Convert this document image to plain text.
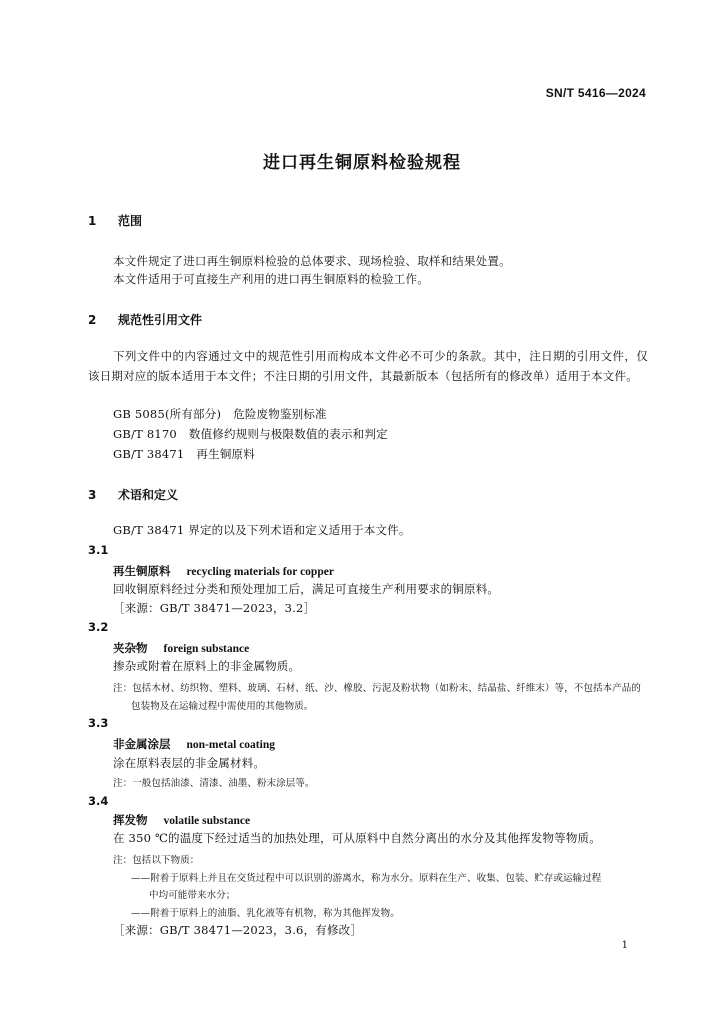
SN/T 5416—2024
进口再生铜原料检验规程
1 范围
本文件规定了进口再生铜原料检验的总体要求、现场检验、取样和结果处置。
本文件适用于可直接生产利用的进口再生铜原料的检验工作。
2 规范性引用文件
下列文件中的内容通过文中的规范性引用而构成本文件必不可少的条款。其中，注日期的引用文件，仅该日期对应的版本适用于本文件；不注日期的引用文件，其最新版本（包括所有的修改单）适用于本文件。
GB 5085(所有部分) 危险废物鉴别标准
GB/T 8170 数值修约规则与极限数值的表示和判定
GB/T 38471 再生铜原料
3 术语和定义
GB/T 38471 界定的以及下列术语和定义适用于本文件。
3.1
再生铜原料 recycling materials for copper
回收铜原料经过分类和预处理加工后，满足可直接生产利用要求的铜原料。
［来源：GB/T 38471—2023，3.2］
3.2
夹杂物 foreign substance
掺杂或附着在原料上的非金属物质。
注：包括木材、纺织物、塑料、玻璃、石材、纸、沙、橡胶、污泥及粉状物（如粉末、结晶盐、纤维末）等，不包括本产品的
包装物及在运输过程中需使用的其他物质。
3.3
非金属涂层 non-metal coating
涂在原料表层的非金属材料。
注：一般包括油漆、清漆、油墨、粉末涂层等。
3.4
挥发物 volatile substance
在 350 ℃的温度下经过适当的加热处理，可从原料中自然分离出的水分及其他挥发物等物质。
注：包括以下物质：
——附着于原料上并且在交货过程中可以识别的游离水，称为水分。原料在生产、收集、包装、贮存或运输过程
中均可能带来水分；
——附着于原料上的油脂、乳化液等有机物，称为其他挥发物。
［来源：GB/T 38471—2023，3.6，有修改］
1
